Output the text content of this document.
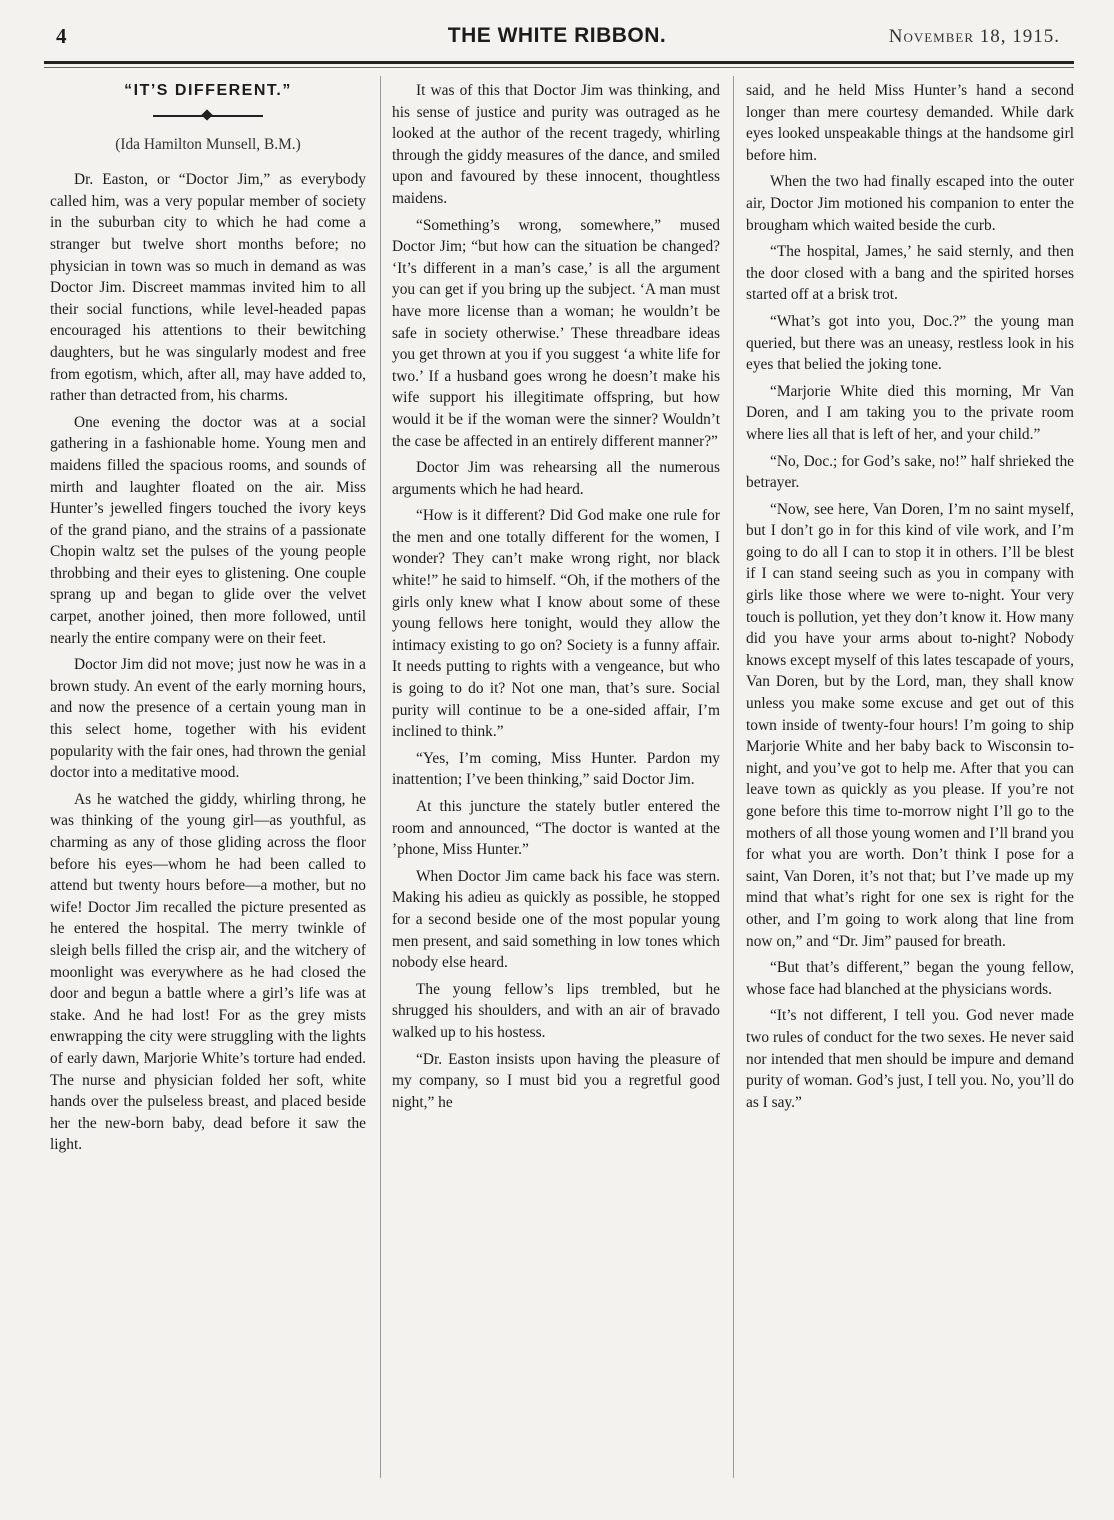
4	THE WHITE RIBBON.	November 18, 1915.
“IT’S DIFFERENT.”
(Ida Hamilton Munsell, B.M.)

Dr. Easton, or “Doctor Jim,” as everybody called him, was a very popular member of society in the suburban city to which he had come a stranger but twelve short months before; no physician in town was so much in demand as was Doctor Jim. Discreet mammas invited him to all their social functions, while level-headed papas encouraged his attentions to their bewitching daughters, but he was singularly modest and free from egotism, which, after all, may have added to, rather than detracted from, his charms.

One evening the doctor was at a social gathering in a fashionable home. Young men and maidens filled the spacious rooms, and sounds of mirth and laughter floated on the air. Miss Hunter’s jewelled fingers touched the ivory keys of the grand piano, and the strains of a passionate Chopin waltz set the pulses of the young people throbbing and their eyes to glistening. One couple sprang up and began to glide over the velvet carpet, another joined, then more followed, until nearly the entire company were on their feet.

Doctor Jim did not move; just now he was in a brown study. An event of the early morning hours, and now the presence of a certain young man in this select home, together with his evident popularity with the fair ones, had thrown the genial doctor into a meditative mood.

As he watched the giddy, whirling throng, he was thinking of the young girl—as youthful, as charming as any of those gliding across the floor before his eyes—whom he had been called to attend but twenty hours before—a mother, but no wife! Doctor Jim recalled the picture presented as he entered the hospital. The merry twinkle of sleigh bells filled the crisp air, and the witchery of moonlight was everywhere as he had closed the door and begun a battle where a girl’s life was at stake. And he had lost! For as the grey mists enwrapping the city were struggling with the lights of early dawn, Marjorie White’s torture had ended. The nurse and physician folded her soft, white hands over the pulseless breast, and placed beside her the new-born baby, dead before it saw the light.

It was of this that Doctor Jim was thinking, and his sense of justice and purity was outraged as he looked at the author of the recent tragedy, whirling through the giddy measures of the dance, and smiled upon and favoured by these innocent, thoughtless maidens.

“Something’s wrong, somewhere,” mused Doctor Jim; “but how can the situation be changed? ‘It’s different in a man’s case,’ is all the argument you can get if you bring up the subject. ‘A man must have more license than a woman; he wouldn’t be safe in society otherwise.’ These threadbare ideas you get thrown at you if you suggest ‘a white life for two.’ If a husband goes wrong he doesn’t make his wife support his illegitimate offspring, but how would it be if the woman were the sinner? Wouldn’t the case be affected in an entirely different manner?”

Doctor Jim was rehearsing all the numerous arguments which he had heard.

“How is it different? Did God make one rule for the men and one totally different for the women, I wonder? They can’t make wrong right, nor black white!” he said to himself. “Oh, if the mothers of the girls only knew what I know about some of these young fellows here tonight, would they allow the intimacy existing to go on? Society is a funny affair. It needs putting to rights with a vengeance, but who is going to do it? Not one man, that’s sure. Social purity will continue to be a one-sided affair, I’m inclined to think.”

“Yes, I’m coming, Miss Hunter. Pardon my inattention; I’ve been thinking,” said Doctor Jim.

At this juncture the stately butler entered the room and announced, “The doctor is wanted at the ’phone, Miss Hunter.”

When Doctor Jim came back his face was stern. Making his adieu as quickly as possible, he stopped for a second beside one of the most popular young men present, and said something in low tones which nobody else heard.

The young fellow’s lips trembled, but he shrugged his shoulders, and with an air of bravado walked up to his hostess.

“Dr. Easton insists upon having the pleasure of my company, so I must bid you a regretful good night,” he

said, and he held Miss Hunter’s hand a second longer than mere courtesy demanded. While dark eyes looked unspeakable things at the handsome girl before him.

When the two had finally escaped into the outer air, Doctor Jim motioned his companion to enter the brougham which waited beside the curb.

“The hospital, James,’ he said sternly, and then the door closed with a bang and the spirited horses started off at a brisk trot.

“What’s got into you, Doc.?” the young man queried, but there was an uneasy, restless look in his eyes that belied the joking tone.

“Marjorie White died this morning, Mr Van Doren, and I am taking you to the private room where lies all that is left of her, and your child.”

“No, Doc.; for God’s sake, no!” half shrieked the betrayer.

“Now, see here, Van Doren, I’m no saint myself, but I don’t go in for this kind of vile work, and I’m going to do all I can to stop it in others. I’ll be blest if I can stand seeing such as you in company with girls like those where we were to-night. Your very touch is pollution, yet they don’t know it. How many did you have your arms about to-night? Nobody knows except myself of this lates tescapade of yours, Van Doren, but by the Lord, man, they shall know unless you make some excuse and get out of this town inside of twenty-four hours! I’m going to ship Marjorie White and her baby back to Wisconsin to-night, and you’ve got to help me. After that you can leave town as quickly as you please. If you’re not gone before this time to-morrow night I’ll go to the mothers of all those young women and I’ll brand you for what you are worth. Don’t think I pose for a saint, Van Doren, it’s not that; but I’ve made up my mind that what’s right for one sex is right for the other, and I’m going to work along that line from now on,” and “Dr. Jim” paused for breath.

“But that’s different,” began the young fellow, whose face had blanched at the physicians words.

“It’s not different, I tell you. God never made two rules of conduct for the two sexes. He never said nor intended that men should be impure and demand purity of woman. God’s just, I tell you. No, you’ll do as I say.”
